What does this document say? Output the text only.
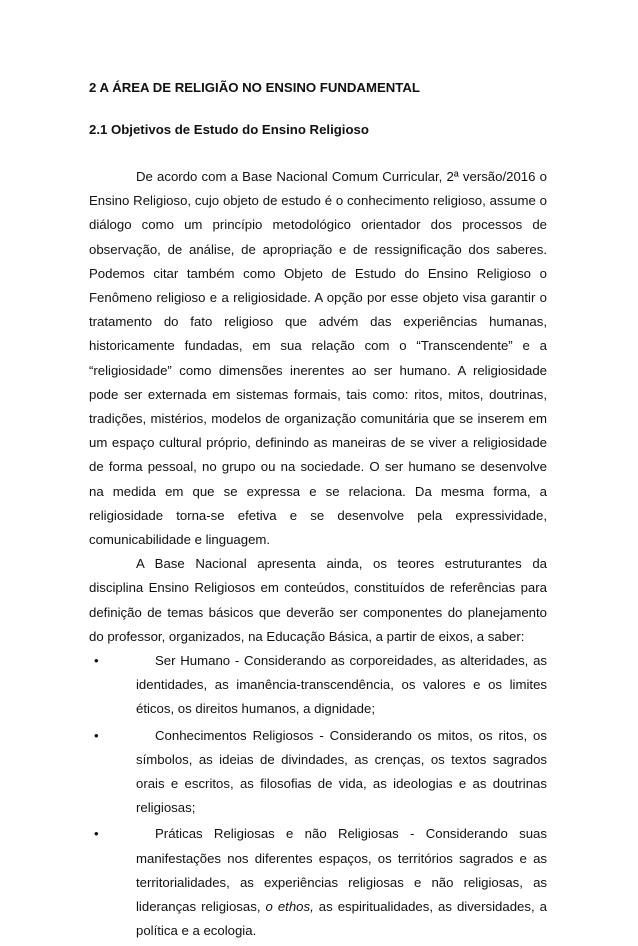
2 A ÁREA DE RELIGIÃO NO ENSINO FUNDAMENTAL
2.1 Objetivos de Estudo do Ensino Religioso

De acordo com a Base Nacional Comum Curricular, 2ª versão/2016 o Ensino Religioso, cujo objeto de estudo é o conhecimento religioso, assume o diálogo como um princípio metodológico orientador dos processos de observação, de análise, de apropriação e de ressignificação dos saberes. Podemos citar também como Objeto de Estudo do Ensino Religioso o Fenômeno religioso e a religiosidade. A opção por esse objeto visa garantir o tratamento do fato religioso que advém das experiências humanas, historicamente fundadas, em sua relação com o “Transcendente” e a “religiosidade” como dimensões inerentes ao ser humano. A religiosidade pode ser externada em sistemas formais, tais como: ritos, mitos, doutrinas, tradições, mistérios, modelos de organização comunitária que se inserem em um espaço cultural próprio, definindo as maneiras de se viver a religiosidade de forma pessoal, no grupo ou na sociedade. O ser humano se desenvolve na medida em que se expressa e se relaciona. Da mesma forma, a religiosidade torna-se efetiva e se desenvolve pela expressividade, comunicabilidade e linguagem.

A Base Nacional apresenta ainda, os teores estruturantes da disciplina Ensino Religiosos em conteúdos, constituídos de referências para definição de temas básicos que deverão ser componentes do planejamento do professor, organizados, na Educação Básica, a partir de eixos, a saber:

•	Ser Humano - Considerando as corporeidades, as alteridades, as identidades, as imanência-transcendência, os valores e os limites éticos, os direitos humanos, a dignidade;
•	Conhecimentos Religiosos - Considerando os mitos, os ritos, os símbolos, as ideias de divindades, as crenças, os textos sagrados orais e escritos, as filosofias de vida, as ideologias e as doutrinas religiosas;
•	Práticas Religiosas e não Religiosas - Considerando suas manifestações nos diferentes espaços, os territórios sagrados e as territorialidades, as experiências religiosas e não religiosas, as lideranças religiosas, o ethos, as espiritualidades, as diversidades, a política e a ecologia.
